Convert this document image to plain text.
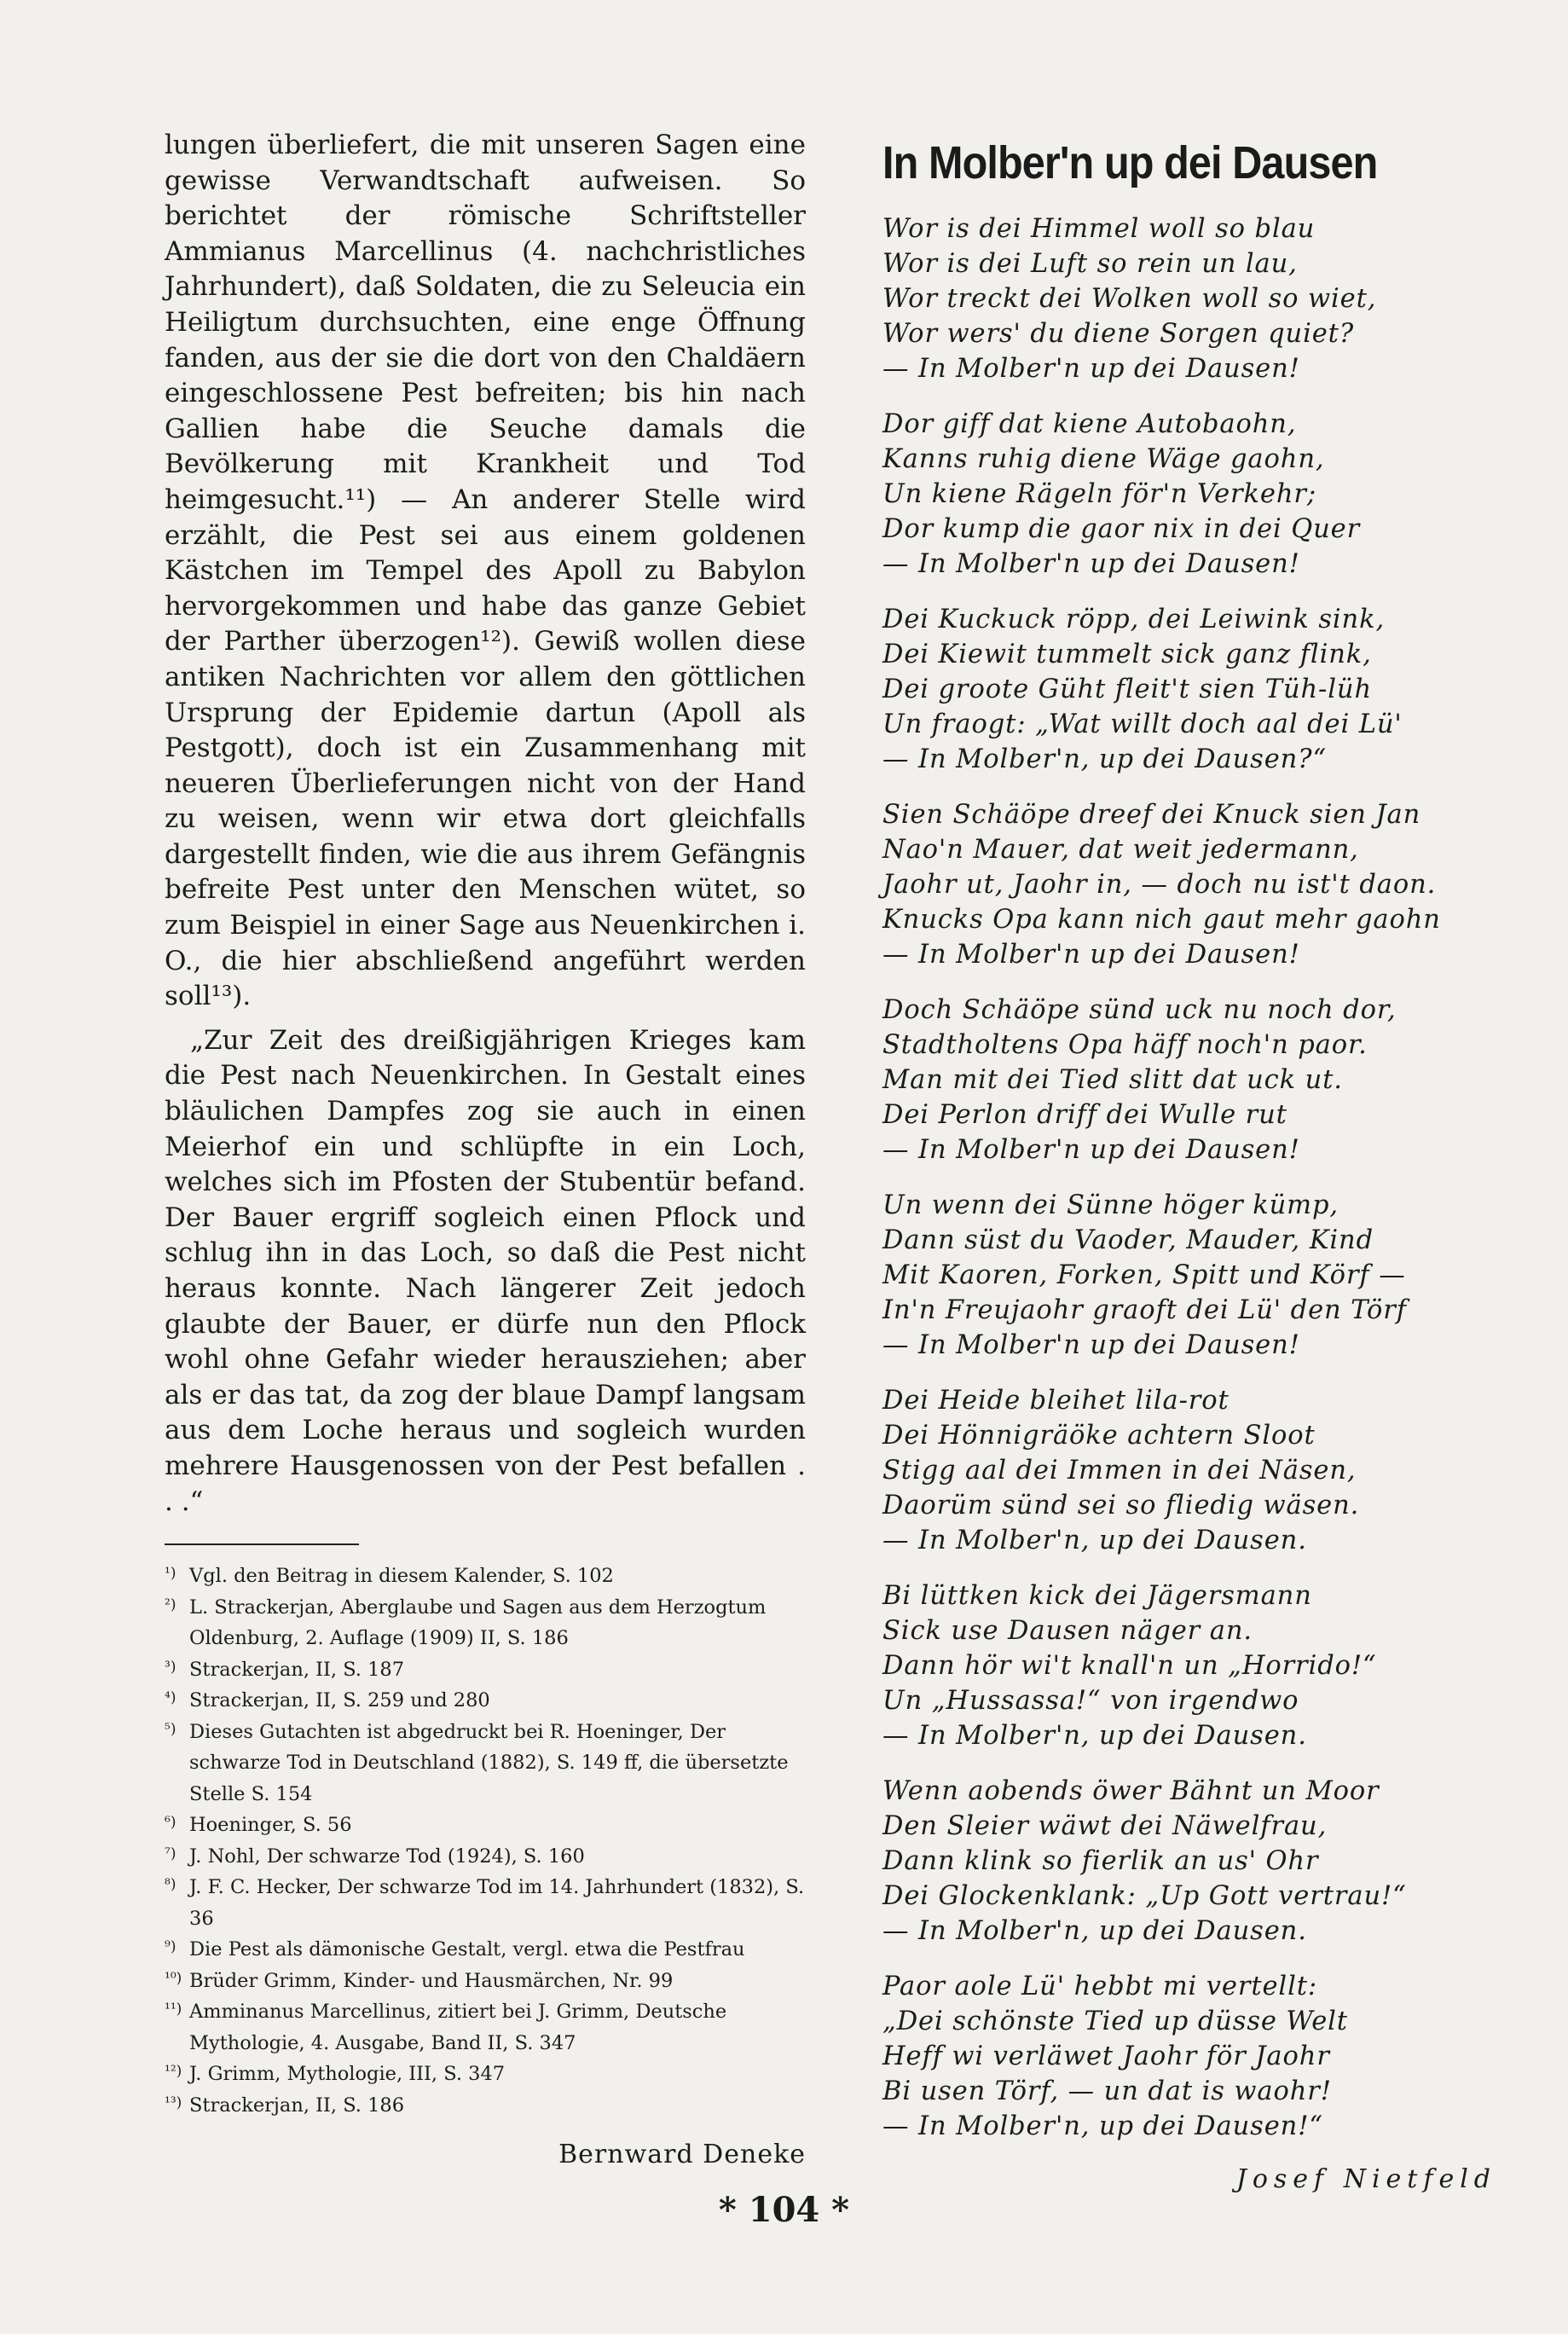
lungen überliefert, die mit unseren Sagen eine gewisse Verwandtschaft aufweisen. So berichtet der römische Schriftsteller Ammianus Marcellinus (4. nachchristliches Jahrhundert), daß Soldaten, die zu Seleucia ein Heiligtum durchsuchten, eine enge Öffnung fanden, aus der sie die dort von den Chaldäern eingeschlossene Pest befreiten; bis hin nach Gallien habe die Seuche damals die Bevölkerung mit Krankheit und Tod heimgesucht.¹¹) — An anderer Stelle wird erzählt, die Pest sei aus einem goldenen Kästchen im Tempel des Apoll zu Babylon hervorgekommen und habe das ganze Gebiet der Parther überzogen¹²). Gewiß wollen diese antiken Nachrichten vor allem den göttlichen Ursprung der Epidemie dartun (Apoll als Pestgott), doch ist ein Zusammenhang mit neueren Überlieferungen nicht von der Hand zu weisen, wenn wir etwa dort gleichfalls dargestellt finden, wie die aus ihrem Gefängnis befreite Pest unter den Menschen wütet, so zum Beispiel in einer Sage aus Neuenkirchen i. O., die hier abschließend angeführt werden soll¹³).

„Zur Zeit des dreißigjährigen Krieges kam die Pest nach Neuenkirchen. In Gestalt eines bläulichen Dampfes zog sie auch in einen Meierhof ein und schlüpfte in ein Loch, welches sich im Pfosten der Stubentür befand. Der Bauer ergriff sogleich einen Pflock und schlug ihn in das Loch, so daß die Pest nicht heraus konnte. Nach längerer Zeit jedoch glaubte der Bauer, er dürfe nun den Pflock wohl ohne Gefahr wieder herausziehen; aber als er das tat, da zog der blaue Dampf langsam aus dem Loche heraus und sogleich wurden mehrere Hausgenossen von der Pest befallen . . .“

¹) Vgl. den Beitrag in diesem Kalender, S. 102
²) L. Strackerjan, Aberglaube und Sagen aus dem Herzogtum Oldenburg, 2. Auflage (1909) II, S. 186
³) Strackerjan, II, S. 187
⁴) Strackerjan, II, S. 259 und 280
⁵) Dieses Gutachten ist abgedruckt bei R. Hoeninger, Der schwarze Tod in Deutschland (1882), S. 149 ff, die übersetzte Stelle S. 154
⁶) Hoeninger, S. 56
⁷) J. Nohl, Der schwarze Tod (1924), S. 160
⁸) J. F. C. Hecker, Der schwarze Tod im 14. Jahrhundert (1832), S. 36
⁹) Die Pest als dämonische Gestalt, vergl. etwa die Pestfrau
¹⁰) Brüder Grimm, Kinder- und Hausmärchen, Nr. 99
¹¹) Amminanus Marcellinus, zitiert bei J. Grimm, Deutsche Mythologie, 4. Ausgabe, Band II, S. 347
¹²) J. Grimm, Mythologie, III, S. 347
¹³) Strackerjan, II, S. 186
Bernward Deneke
In Molber'n up dei Dausen
Wor is dei Himmel woll so blau
Wor is dei Luft so rein un lau,
Wor treckt dei Wolken woll so wiet,
Wor wers' du diene Sorgen quiet?
— In Molber'n up dei Dausen!
Dor giff dat kiene Autobaohn,
Kanns ruhig diene Wäge gaohn,
Un kiene Rägeln för'n Verkehr;
Dor kump die gaor nix in dei Quer
— In Molber'n up dei Dausen!
Dei Kuckuck röpp, dei Leiwink sink,
Dei Kiewit tummelt sick ganz flink,
Dei groote Güht fleit't sien Tüh-lüh
Un fraogt: „Wat willt doch aal dei Lü'
— In Molber'n, up dei Dausen?“
Sien Schäöpe dreef dei Knuck sien Jan
Nao'n Mauer, dat weit jedermann,
Jaohr ut, Jaohr in, — doch nu ist't daon.
Knucks Opa kann nich gaut mehr gaohn
— In Molber'n up dei Dausen!
Doch Schäöpe sünd uck nu noch dor,
Stadtholtens Opa häff noch'n paor.
Man mit dei Tied slitt dat uck ut.
Dei Perlon driff dei Wulle rut
— In Molber'n up dei Dausen!
Un wenn dei Sünne höger kümp,
Dann süst du Vaoder, Mauder, Kind
Mit Kaoren, Forken, Spitt und Körf —
In'n Freujaohr graoft dei Lü' den Törf
— In Molber'n up dei Dausen!
Dei Heide bleihet lila-rot
Dei Hönnigräöke achtern Sloot
Stigg aal dei Immen in dei Näsen,
Daorüm sünd sei so fliedig wäsen.
— In Molber'n, up dei Dausen.
Bi lüttken kick dei Jägersmann
Sick use Dausen näger an.
Dann hör wi't knall'n un „Horrido!“
Un „Hussassa!“ von irgendwo
— In Molber'n, up dei Dausen.
Wenn aobends öwer Bähnt un Moor
Den Sleier wäwt dei Näwelfrau,
Dann klink so fierlik an us' Ohr
Dei Glockenklank: „Up Gott vertrau!“
— In Molber'n, up dei Dausen.
Paor aole Lü' hebbt mi vertellt:
„Dei schönste Tied up düsse Welt
Heff wi verläwet Jaohr för Jaohr
Bi usen Törf, — un dat is waohr!
— In Molber'n, up dei Dausen!“
Josef Nietfeld
* 104 *
